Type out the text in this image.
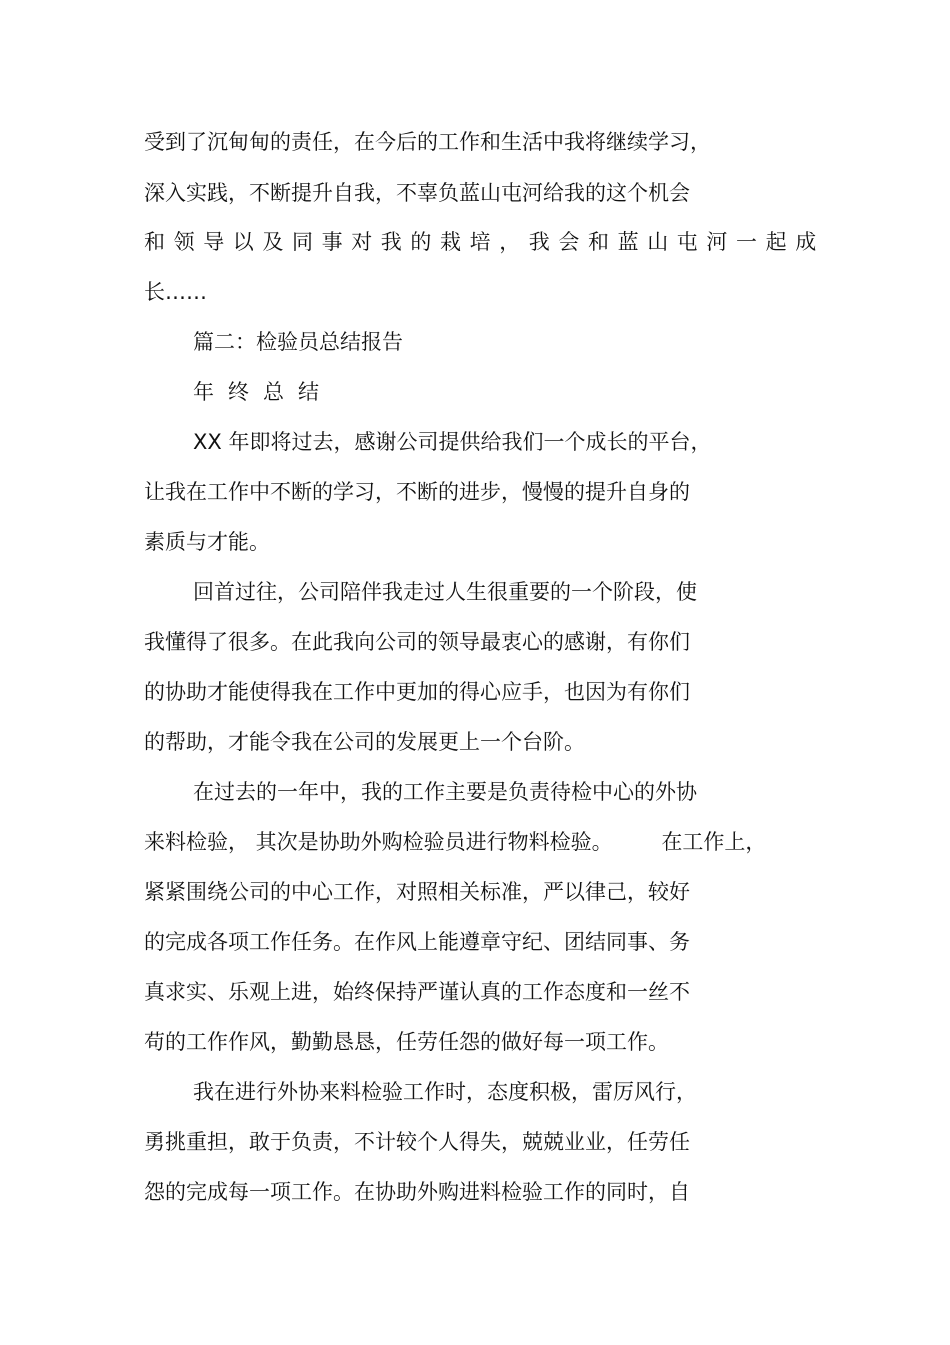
受到了沉甸甸的责任，在今后的工作和生活中我将继续学习，
深入实践，不断提升自我，不辜负蓝山屯河给我的这个机会
和领导以及同事对我的栽培，我会和蓝山屯河一起成
长……
篇二：检验员总结报告
年终总结
XX 年即将过去，感谢公司提供给我们一个成长的平台，
让我在工作中不断的学习，不断的进步，慢慢的提升自身的
素质与才能。
回首过往，公司陪伴我走过人生很重要的一个阶段，使
我懂得了很多。在此我向公司的领导最衷心的感谢，有你们
的协助才能使得我在工作中更加的得心应手，也因为有你们
的帮助，才能令我在公司的发展更上一个台阶。
在过去的一年中，我的工作主要是负责待检中心的外协
来料检验， 其次是协助外购检验员进行物料检验。 　　在工作上，
紧紧围绕公司的中心工作，对照相关标准，严以律己，较好
的完成各项工作任务。在作风上能遵章守纪、团结同事、务
真求实、乐观上进，始终保持严谨认真的工作态度和一丝不
苟的工作作风，勤勤恳恳，任劳任怨的做好每一项工作。
我在进行外协来料检验工作时，态度积极，雷厉风行，
勇挑重担，敢于负责，不计较个人得失，兢兢业业，任劳任
怨的完成每一项工作。在协助外购进料检验工作的同时，自
